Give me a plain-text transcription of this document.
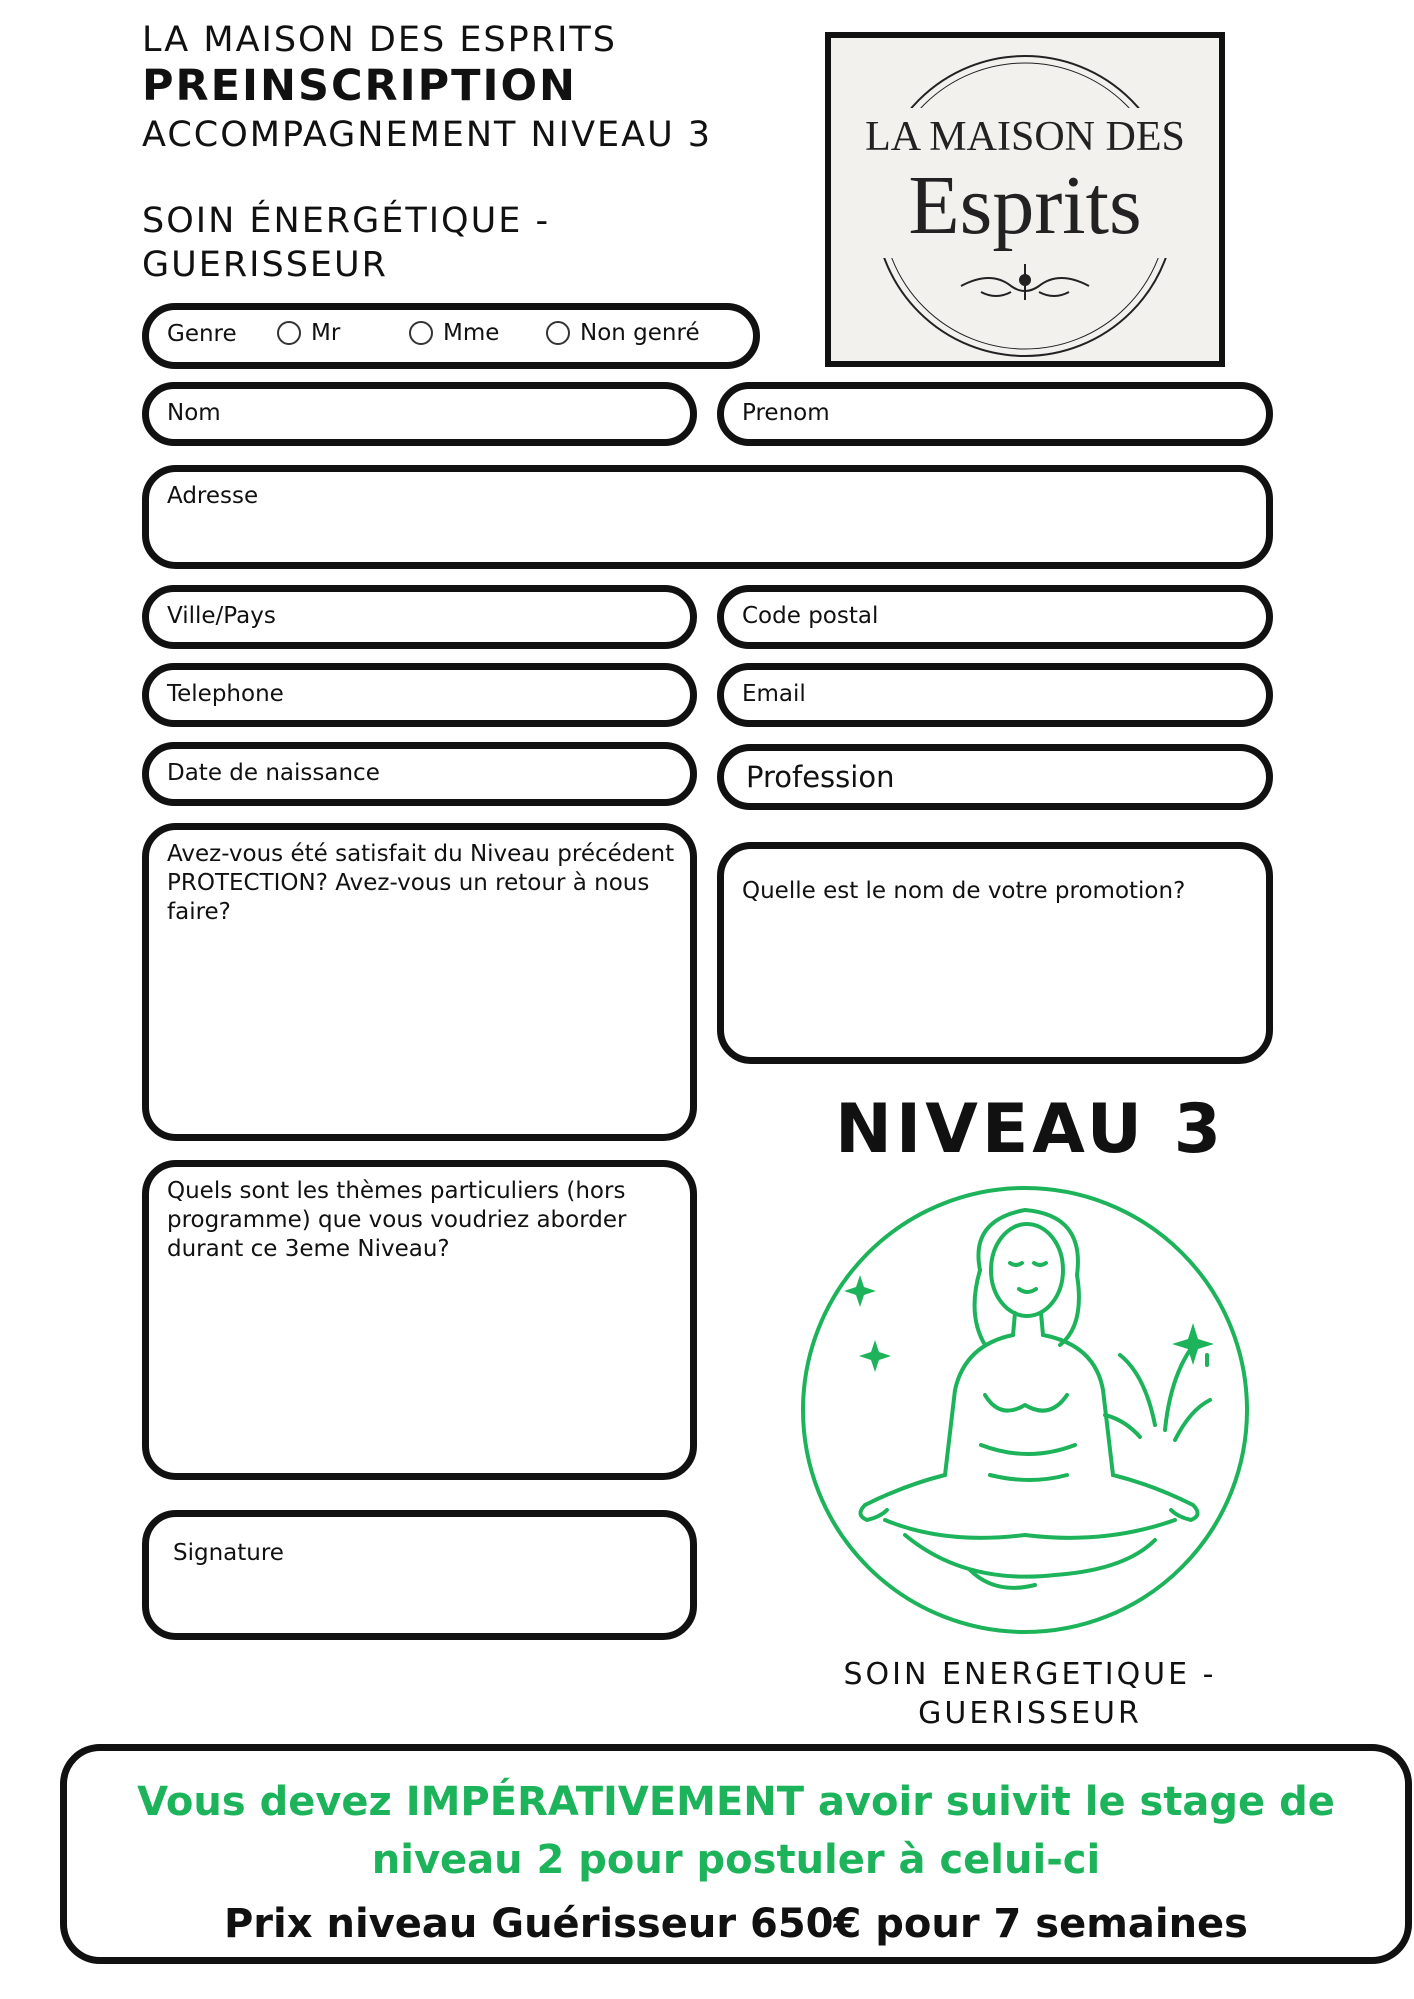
LA MAISON DES ESPRITS
PREINSCRIPTION
ACCOMPAGNEMENT NIVEAU 3
SOIN ÉNERGÉTIQUE - GUERISSEUR
LA MAISON DES
Esprits
Genre	Mr	Mme	Non genré
Nom	Prenom
Adresse
Ville/Pays	Code postal
Telephone	Email
Date de naissance	Profession
Avez-vous été satisfait du Niveau précédent PROTECTION? Avez-vous un retour à nous faire?
Quelle est le nom de votre promotion?
Quels sont les thèmes particuliers (hors programme) que vous voudriez aborder durant ce 3eme Niveau?
Signature
NIVEAU 3
SOIN ENERGETIQUE - GUERISSEUR
Vous devez IMPÉRATIVEMENT avoir suivit le stage de niveau 2 pour postuler à celui-ci
Prix niveau Guérisseur 650€ pour 7 semaines
